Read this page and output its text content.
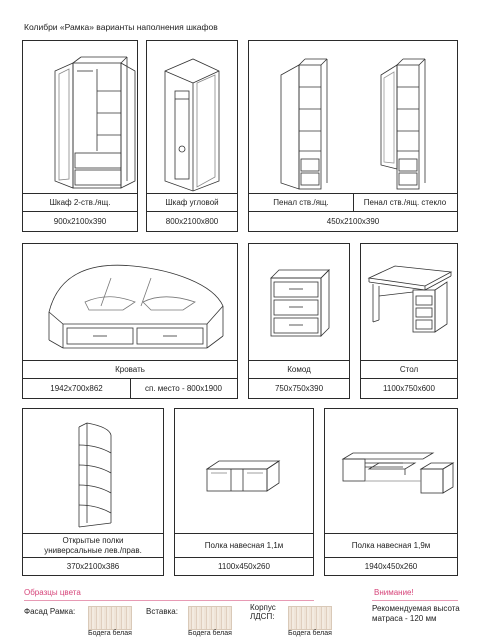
Колибри «Рамка» варианты наполнения шкафов
Шкаф 2-ств./ящ.
900х2100х390
Шкаф угловой
800х2100х800
Пенал ств./ящ.	Пенал ств./ящ. стекло
450х2100х390
Кровать
1942х700х862	сп. место - 800х1900
Комод
750х750х390
Стол
1100х750х600
Открытые полки
универсальные лев./прав.
370х2100х386
Полка навесная 1,1м
1100х450х260
Полка навесная 1,9м
1940х450х260
Образцы цвета
Фасад Рамка:
Бодега белая
Вставка:
Бодега белая
Корпус
ЛДСП:
Бодега белая
Внимание!
Рекомендуемая высота
матраса - 120 мм
